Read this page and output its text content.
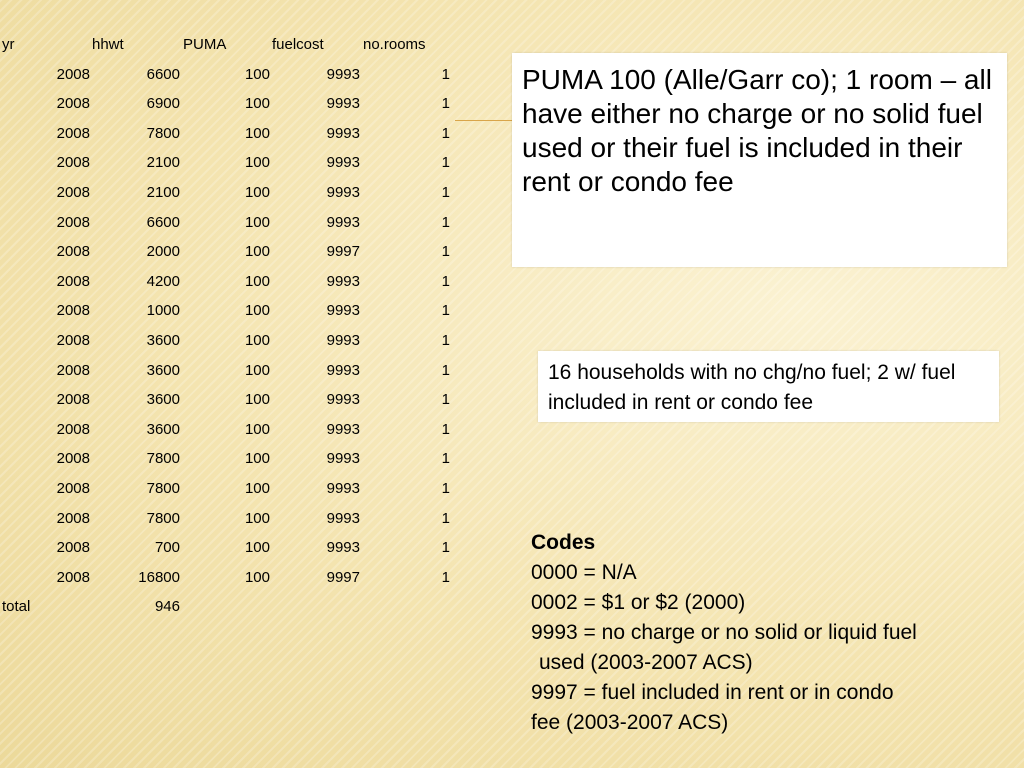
yr	hhwt	PUMA	fuelcost	no.rooms
2008	6600	100	9993	1
2008	6900	100	9993	1
2008	7800	100	9993	1
2008	2100	100	9993	1
2008	2100	100	9993	1
2008	6600	100	9993	1
2008	2000	100	9997	1
2008	4200	100	9993	1
2008	1000	100	9993	1
2008	3600	100	9993	1
2008	3600	100	9993	1
2008	3600	100	9993	1
2008	3600	100	9993	1
2008	7800	100	9993	1
2008	7800	100	9993	1
2008	7800	100	9993	1
2008	700	100	9993	1
2008	16800	100	9997	1
total	946
PUMA 100 (Alle/Garr co); 1 room – all have either no charge or no solid fuel used or their fuel is included in their rent or condo fee
16 households with no chg/no fuel; 2 w/ fuel included in rent or condo fee
Codes
0000 = N/A
0002 = $1 or $2 (2000)
9993 = no charge or no solid or liquid fuel
used (2003-2007 ACS)
9997 = fuel included in rent or in condo
fee (2003-2007 ACS)
